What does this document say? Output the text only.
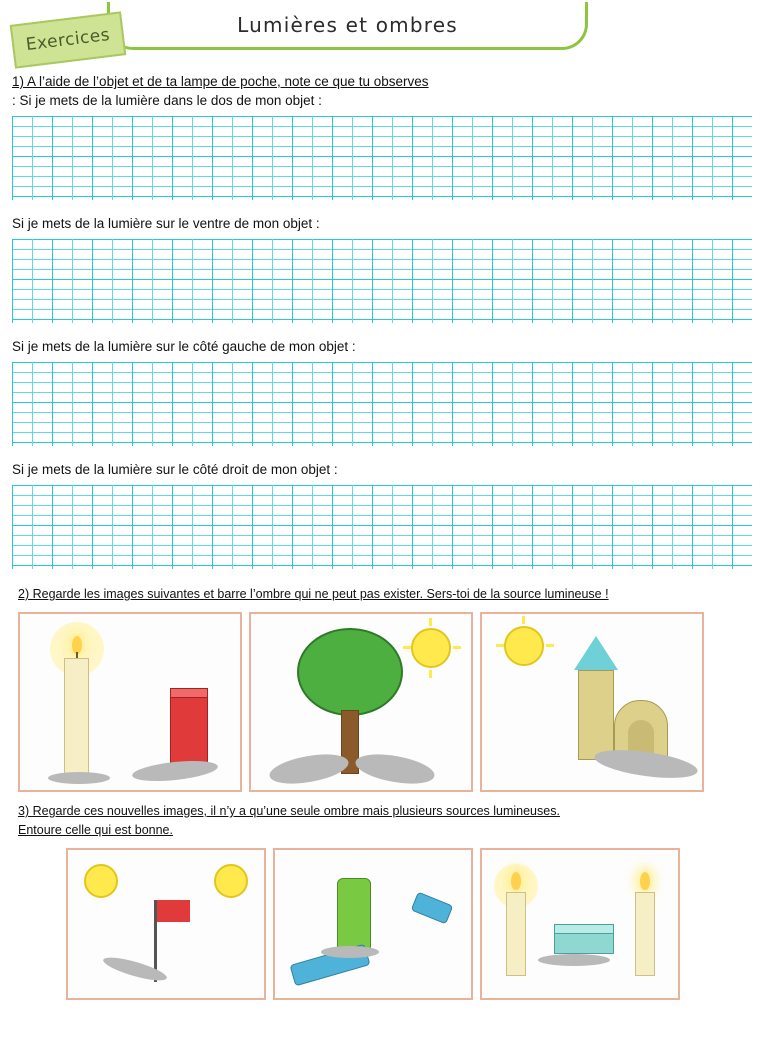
Lumières et ombres
Exercices
1) A l’aide de l’objet et de ta lampe de poche, note ce que tu observes
: Si je mets de la lumière dans le dos de mon objet :
Si je mets de la lumière sur le ventre de mon objet :
Si je mets de la lumière sur le côté gauche de mon objet :
Si je mets de la lumière sur le côté droit de mon objet :
2) Regarde les images suivantes et barre l’ombre qui ne peut pas exister. Sers-toi de la source lumineuse !
3) Regarde ces nouvelles images, il n’y a qu’une seule ombre mais plusieurs sources lumineuses.
Entoure celle qui est bonne.
